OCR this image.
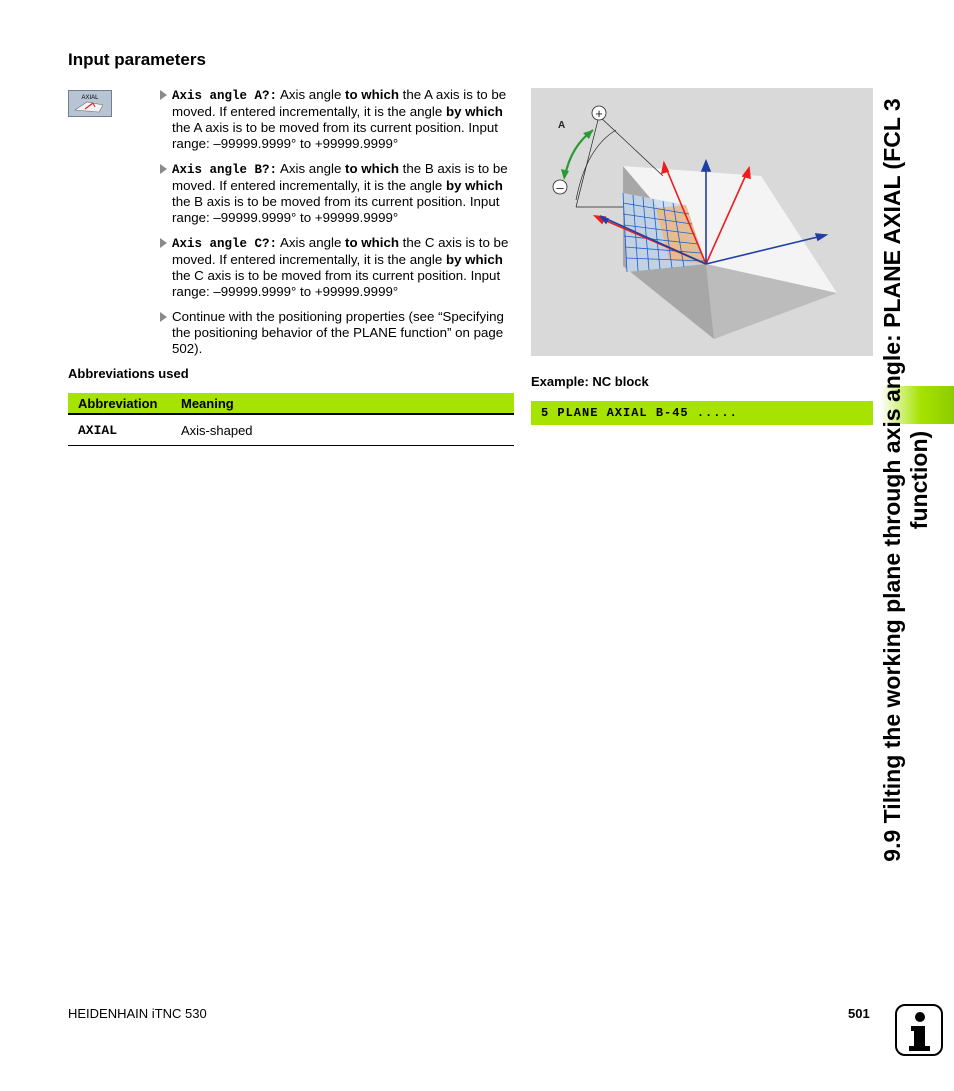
Input parameters
AXIAL	Axis angle A?: Axis angle to which the A axis is to be moved. If entered incrementally, it is the angle by which the A axis is to be moved from its current position. Input range: –99999.9999° to +99999.9999°
Axis angle B?: Axis angle to which the B axis is to be moved. If entered incrementally, it is the angle by which the B axis is to be moved from its current position. Input range: –99999.9999° to +99999.9999°
Axis angle C?: Axis angle to which the C axis is to be moved. If entered incrementally, it is the angle by which the C axis is to be moved from its current position. Input range: –99999.9999° to +99999.9999°
Continue with the positioning properties (see “Specifying the positioning behavior of the PLANE function” on page 502).
Abbreviations used
Abbreviation	Meaning
AXIAL	Axis-shaped
+
–
A
Example: NC block
5 PLANE AXIAL B-45 .....	9.9 Tilting the working plane through axis angle: PLANE AXIAL (FCL 3 function)
HEIDENHAIN iTNC 530	501
